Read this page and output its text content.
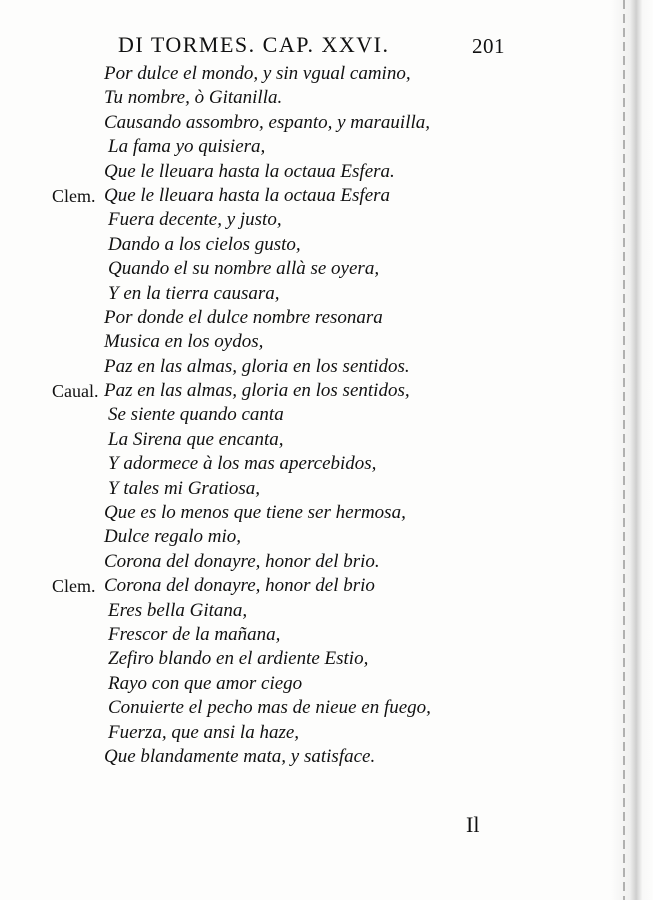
DI TORMES. CAP. XXVI.	201
Por dulce el mondo, y sin vgual camino,
Tu nombre, ò Gitanilla.
Causando assombro, espanto, y marauilla,
La fama yo quisiera,
Que le lleuara hasta la octaua Esfera.
Clem. Que le lleuara hasta la octaua Esfera
Fuera decente, y justo,
Dando a los cielos gusto,
Quando el su nombre allà se oyera,
Y en la tierra causara,
Por donde el dulce nombre resonara
Musica en los oydos,
Paz en las almas, gloria en los sentidos.
Caual. Paz en las almas, gloria en los sentidos,
Se siente quando canta
La Sirena que encanta,
Y adormece à los mas apercebidos,
Y tales mi Gratiosa,
Que es lo menos que tiene ser hermosa,
Dulce regalo mio,
Corona del donayre, honor del brio.
Clem. Corona del donayre, honor del brio
Eres bella Gitana,
Frescor de la mañana,
Zefiro blando en el ardiente Estio,
Rayo con que amor ciego
Conuierte el pecho mas de nieue en fuego,
Fuerza, que ansi la haze,
Que blandamente mata, y satisface.
Il
